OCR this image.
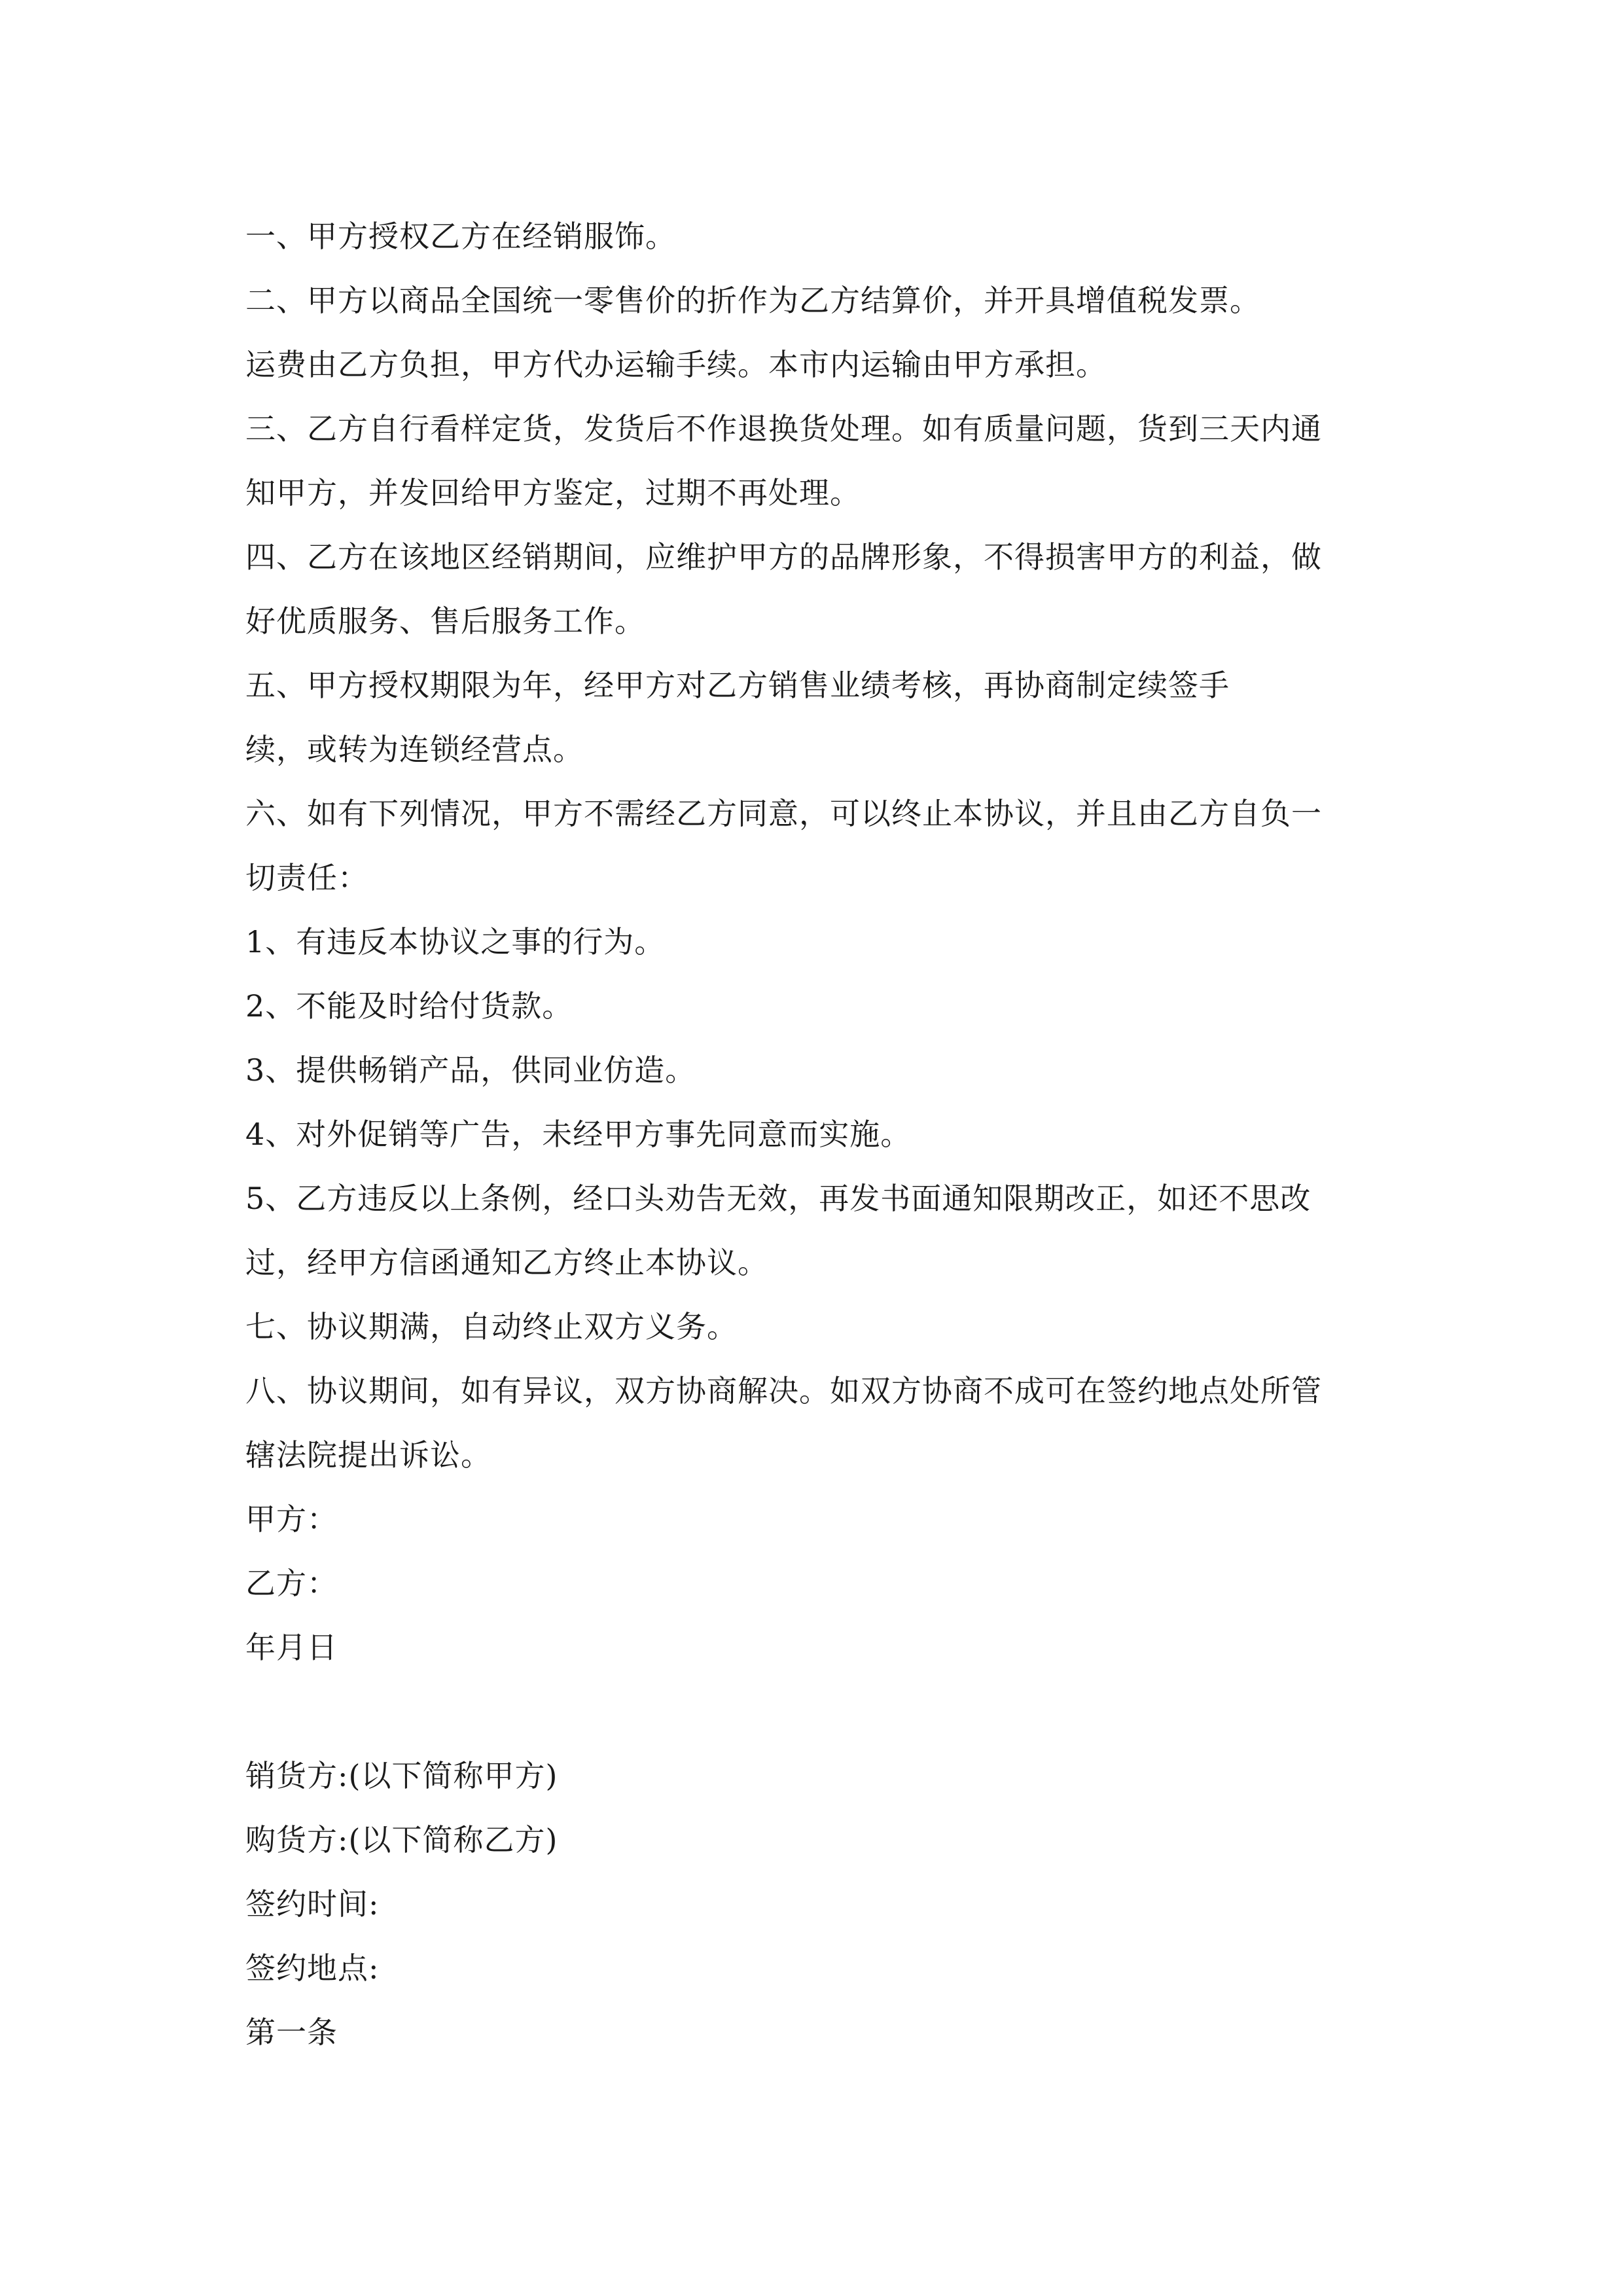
一、甲方授权乙方在经销服饰。
二、甲方以商品全国统一零售价的折作为乙方结算价，并开具增值税发票。
运费由乙方负担，甲方代办运输手续。本市内运输由甲方承担。
三、乙方自行看样定货，发货后不作退换货处理。如有质量问题，货到三天内通
知甲方，并发回给甲方鉴定，过期不再处理。
四、乙方在该地区经销期间，应维护甲方的品牌形象，不得损害甲方的利益，做
好优质服务、售后服务工作。
五、甲方授权期限为年，经甲方对乙方销售业绩考核，再协商制定续签手
续，或转为连锁经营点。
六、如有下列情况，甲方不需经乙方同意，可以终止本协议，并且由乙方自负一
切责任：
1、有违反本协议之事的行为。
2、不能及时给付货款。
3、提供畅销产品，供同业仿造。
4、对外促销等广告，未经甲方事先同意而实施。
5、乙方违反以上条例，经口头劝告无效，再发书面通知限期改正，如还不思改
过，经甲方信函通知乙方终止本协议。
七、协议期满，自动终止双方义务。
八、协议期间，如有异议，双方协商解决。如双方协商不成可在签约地点处所管
辖法院提出诉讼。
甲方：
乙方：
年月日
销货方:(以下简称甲方)
购货方:(以下简称乙方)
签约时间:
签约地点:
第一条
